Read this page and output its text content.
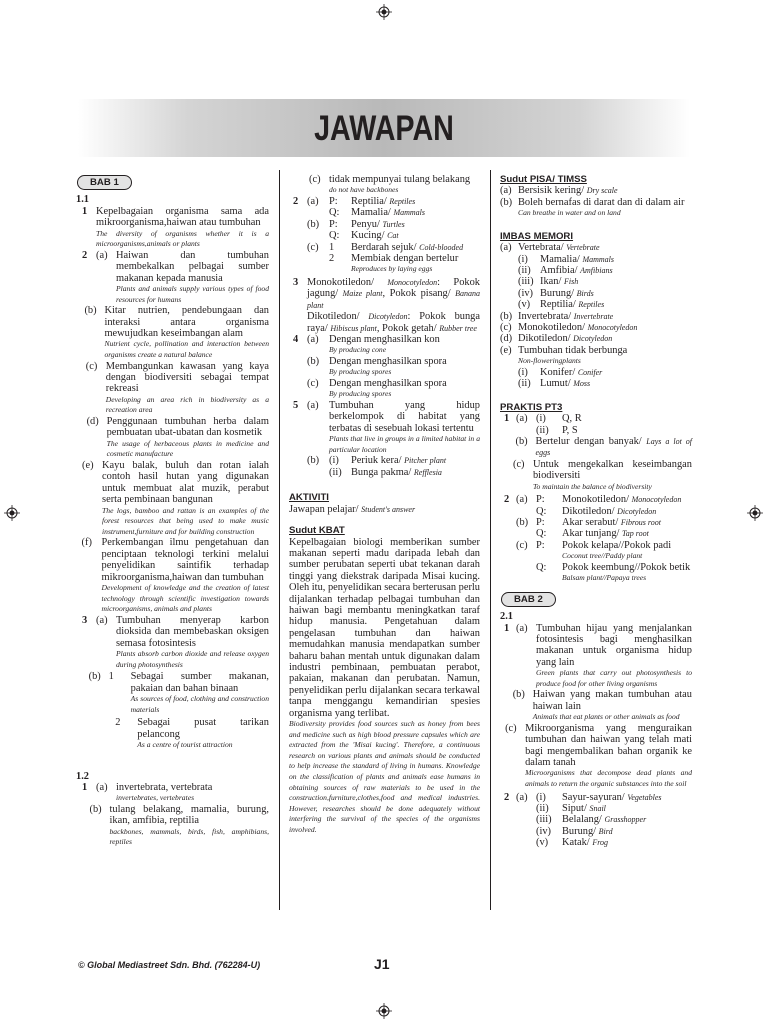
JAWAPAN
BAB 1
1.1
1 Kepelbagaian organisma sama ada mikroorganisma,haiwan atau tumbuhan
The diversity of organisms whether it is a microorganisms,animals or plants
2 (a) Haiwan dan tumbuhan membekalkan pelbagai sumber makanan kepada manusia
Plants and animals supply various types of food resources for humans
(b) Kitar nutrien, pendebungaan dan interaksi antara organisma mewujudkan keseimbangan alam
Nutrient cycle, pollination and interaction between organisms create a natural balance
(c) Membangunkan kawasan yang kaya dengan biodiversiti sebagai tempat rekreasi
Developing an area rich in biodiversity as a recreation area
(d) Penggunaan tumbuhan herba dalam pembuatan ubat-ubatan dan kosmetik
The usage of herbaceous plants in medicine and cosmetic manufacture
(e) Kayu balak, buluh dan rotan ialah contoh hasil hutan yang digunakan untuk membuat alat muzik, perabut serta pembinaan bangunan
The logs, bamboo and rattan is an examples of the forest resources that being used to make music instrument,furniture and for building construction
(f) Perkembangan ilmu pengetahuan dan penciptaan teknologi terkini melalui penyelidikan saintifik terhadap mikroorganisma,haiwan dan tumbuhan
Development of knowledge and the creation of latest technology through scientific investigation towards microorganisms, animals and plants
3 (a) Tumbuhan menyerap karbon dioksida dan membebaskan oksigen semasa fotosintesis
Plants absorb carbon dioxide and release oxygen during photosynthesis
(b) 1	Sebagai sumber makanan, pakaian dan bahan binaan
As sources of food, clothing and construction materials
2	Sebagai pusat tarikan pelancong
As a centre of tourist attraction
1.2
1 (a) invertebrata, vertebrata
invertebrates, vertebrates
(b) tulang belakang, mamalia, burung, ikan, amfibia, reptilia
backbones, mammals, birds, fish, amphibians, reptiles
(c) tidak mempunyai tulang belakang
do not have backbones
2 (a)	P:	Reptilia/
Reptiles
Q:	Mamalia/
Mammals
(b) P:	Penyu/
Turtles
Q:	Kucing/
Cat
(c)	1	Berdarah sejuk/
Cold-blooded
2	Membiak dengan bertelur
Reproduces by laying eggs
3 Monokotiledon/ Monocotyledon: Pokok jagung/ Maize plant, Pokok pisang/ Banana plant
Dikotiledon/ Dicotyledon: Pokok bunga raya/ Hibiscus plant, Pokok getah/ Rubber tree
4 (a)	Dengan menghasilkan kon
By producing cone
(b) Dengan menghasilkan spora
By producing spores
(c)	Dengan menghasilkan spora
By producing spores
5 (a)	Tumbuhan yang hidup berkelompok di habitat yang terbatas di sesebuah lokasi tertentu
Plants that live in groups in a limited habitat in a particular location
(b) (i)	Periuk kera/
Pitcher plant
(ii) Bunga pakma/
Refflesia
AKTIVITI
Jawapan pelajar/ Student's answer
Sudut KBAT
Kepelbagaian biologi memberikan sumber makanan seperti madu daripada lebah dan sumber perubatan seperti ubat tekanan darah tinggi yang diekstrak daripada Misai kucing. Oleh itu, penyelidikan secara berterusan perlu dijalankan terhadap pelbagai tumbuhan dan haiwan bagi membantu meningkatkan taraf hidup manusia. Pengetahuan dalam pengelasan tumbuhan dan haiwan memudahkan manusia mendapatkan sumber baharu bahan mentah untuk digunakan dalam industri pembinaan, pembuatan perabot, pakaian, makanan dan perubatan. Namun, penyelidikan perlu dijalankan secara terkawal tanpa menggangu kemandirian spesies organisma yang terlibat.
Biodiversity provides food sources such as honey from bees and medicine such as high blood pressure capsules which are extracted from the 'Misai kucing'. Therefore, a continuous research on various plants and animals should be conducted to help increase the standard of living in humans. Knowledge on the classification of plants and animals ease humans in obtaining sources of raw materials to be used in the construction,furniture,clothes,food and medical industries. However, researches should be done adequately without interfering the survival of the species of the organisms involved.
Sudut PISA/ TIMSS
(a) Bersisik kering/ Dry scale
(b) Boleh bernafas di darat dan di dalam air
Can breathe in water and on land
IMBAS MEMORI
(a) Vertebrata/ Vertebrate
(i)	Mamalia/
Mammals
(ii) Amfibia/
Amfibians
(iii) Ikan/
Fish
(iv) Burung/
Birds
(v) Reptilia/
Reptiles
(b) Invertebrata/ Invertebrate
(c) Monokotiledon/ Monocotyledon
(d) Dikotiledon/ Dicotyledon
(e) Tumbuhan tidak berbunga
Non-floweringplants
(i)	Konifer/
Conifer
(ii) Lumut/
Moss
PRAKTIS PT3
1 (a) (i)	Q, R
(ii)	P, S
(b) Bertelur dengan banyak/ Lays a lot of eggs
(c) Untuk mengekalkan keseimbangan biodiversiti
To maintain the balance of biodiversity
2 (a) P:	Monokotiledon/
Monocotyledon
Q:	Dikotiledon/
Dicotyledon
(b) P:	Akar serabut/
Fibrous root
Q:	Akar tunjang/
Tap root
(c) P:	Pokok kelapa//Pokok padi
Coconut tree//Paddy plant
Q:	Pokok keembung//Pokok betik
Balsam plant//Papaya trees
BAB 2
2.1
1 (a) Tumbuhan hijau yang menjalankan fotosintesis bagi menghasilkan makanan untuk organisma hidup yang lain
Green plants that carry out photosynthesis to produce food for other living organisms
(b) Haiwan yang makan tumbuhan atau haiwan lain
Animals that eat plants or other animals as food
(c) Mikroorganisma yang menguraikan tumbuhan dan haiwan yang telah mati bagi mengembalikan bahan organik ke dalam tanah
Microorganisms that decompose dead plants and animals to return the organic substances into the soil
2 (a) (i)	Sayur-sayuran/
Vegetables
(ii)	Siput/
Snail
(iii)	Belalang/
Grasshopper
(iv)	Burung/
Bird
(v)	Katak/
Frog
© Global Mediastreet Sdn. Bhd. (762284-U)	J1
